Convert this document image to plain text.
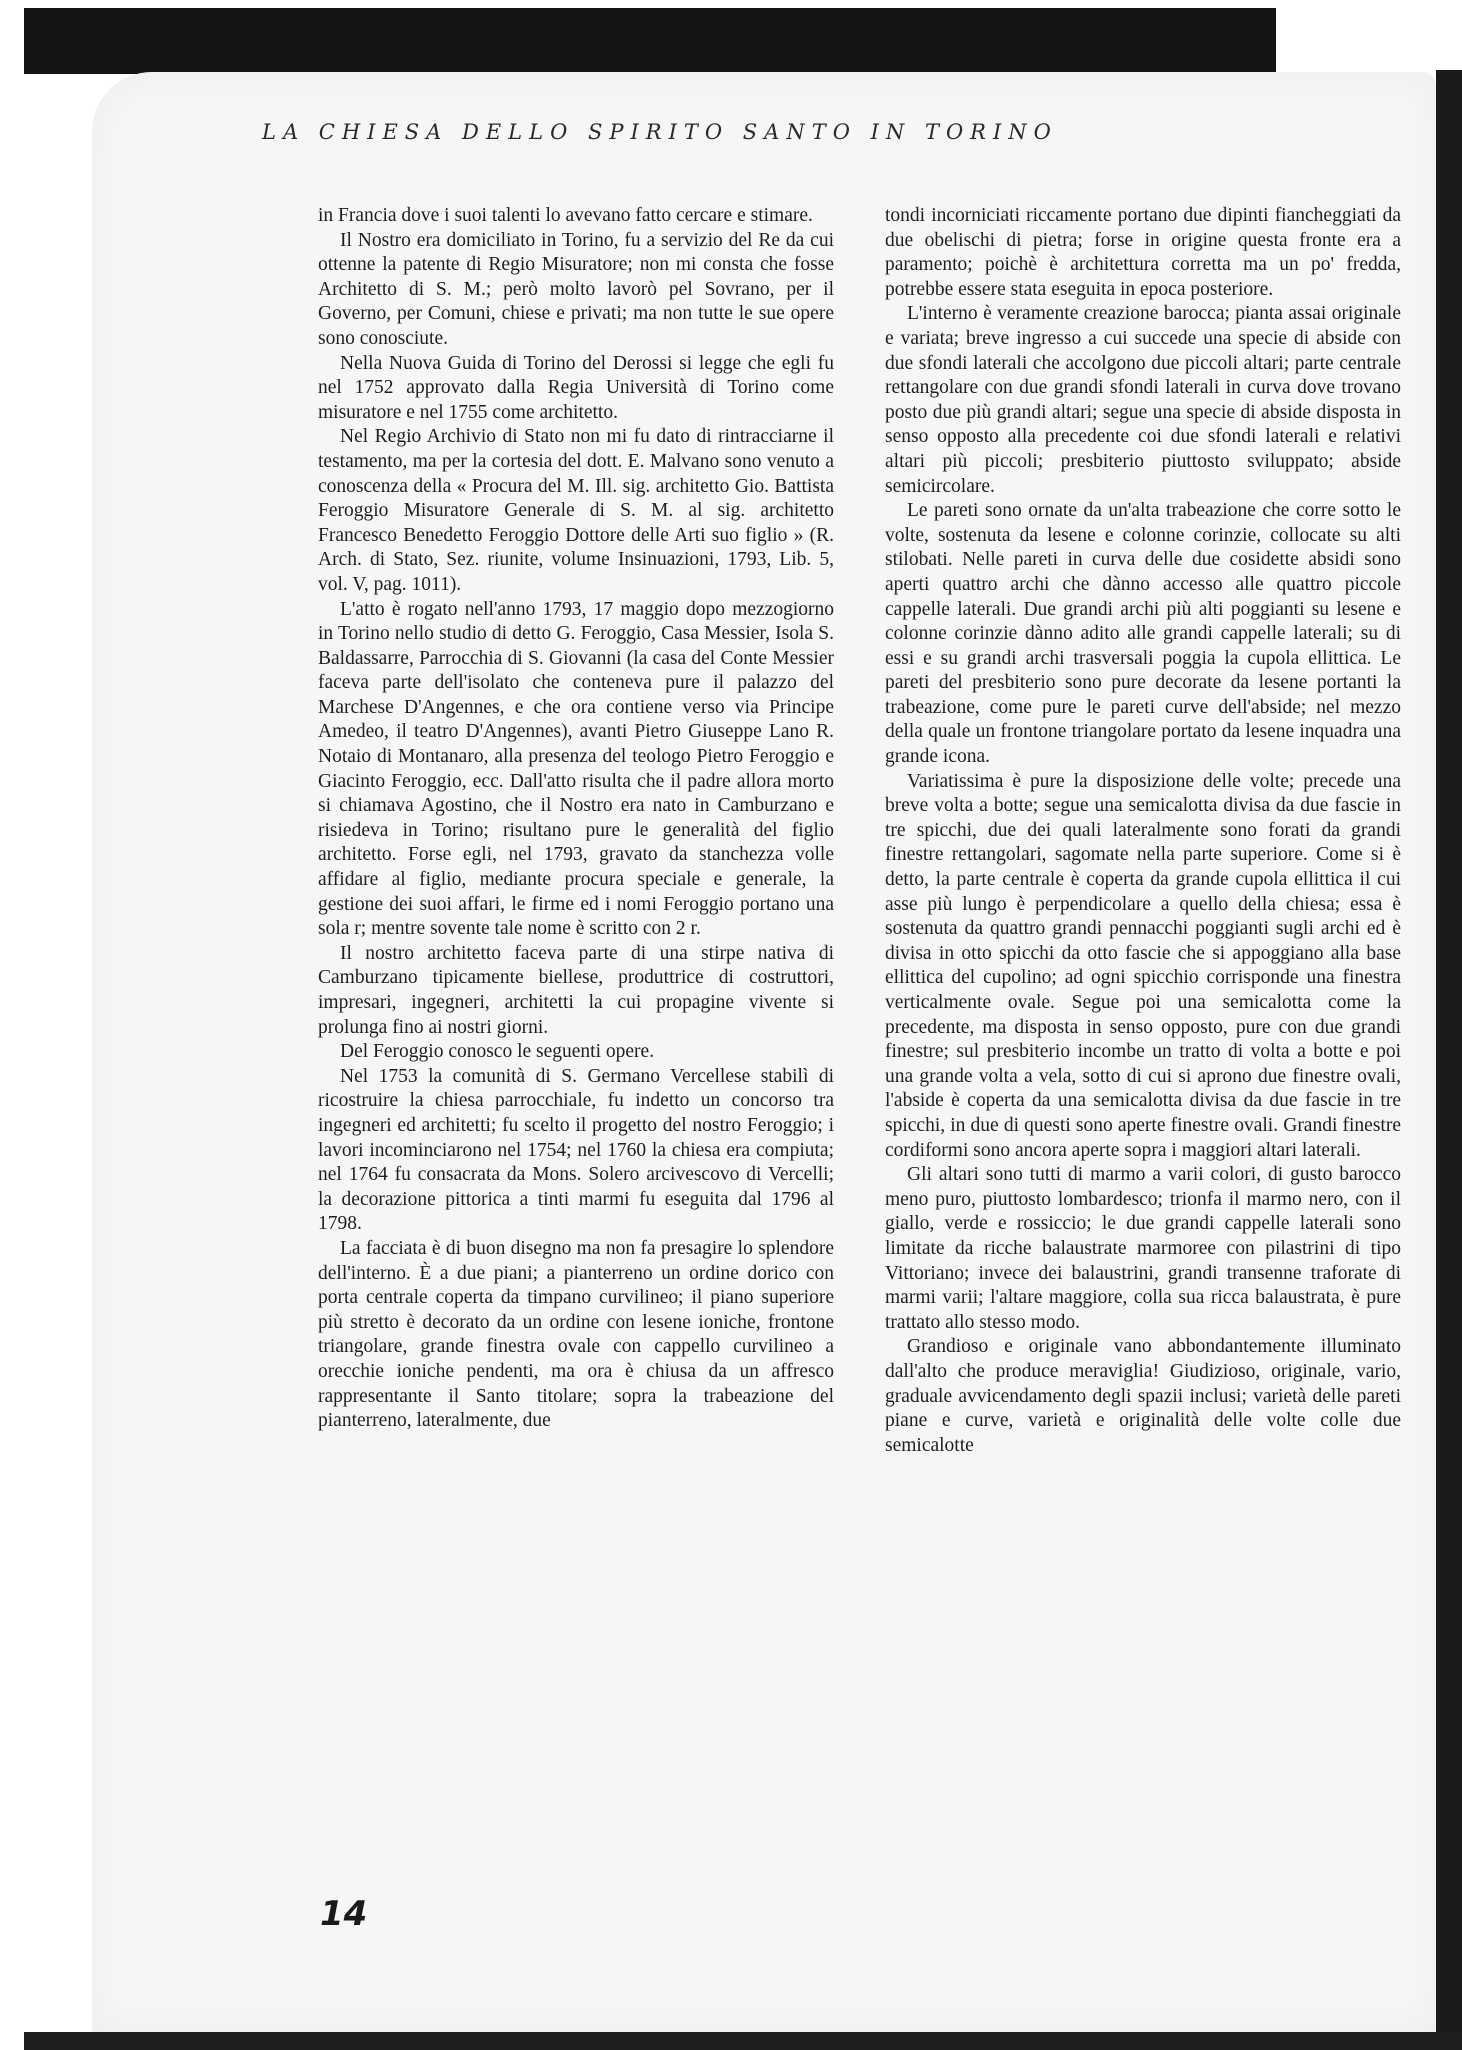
LA CHIESA DELLO SPIRITO SANTO IN TORINO

in Francia dove i suoi talenti lo avevano fatto cercare e stimare.

Il Nostro era domiciliato in Torino, fu a servizio del Re da cui ottenne la patente di Regio Misuratore; non mi consta che fosse Architetto di S. M.; però molto lavorò pel Sovrano, per il Governo, per Comuni, chiese e privati; ma non tutte le sue opere sono conosciute.

Nella Nuova Guida di Torino del Derossi si legge che egli fu nel 1752 approvato dalla Regia Università di Torino come misuratore e nel 1755 come architetto.

Nel Regio Archivio di Stato non mi fu dato di rintracciarne il testamento, ma per la cortesia del dott. E. Malvano sono venuto a conoscenza della « Procura del M. Ill. sig. architetto Gio. Battista Feroggio Misuratore Generale di S. M. al sig. architetto Francesco Benedetto Feroggio Dottore delle Arti suo figlio » (R. Arch. di Stato, Sez. riunite, volume Insinuazioni, 1793, Lib. 5, vol. V, pag. 1011).

L'atto è rogato nell'anno 1793, 17 maggio dopo mezzogiorno in Torino nello studio di detto G. Feroggio, Casa Messier, Isola S. Baldassarre, Parrocchia di S. Giovanni (la casa del Conte Messier faceva parte dell'isolato che conteneva pure il palazzo del Marchese D'Angennes, e che ora contiene verso via Principe Amedeo, il teatro D'Angennes), avanti Pietro Giuseppe Lano R. Notaio di Montanaro, alla presenza del teologo Pietro Feroggio e Giacinto Feroggio, ecc. Dall'atto risulta che il padre allora morto si chiamava Agostino, che il Nostro era nato in Camburzano e risiedeva in Torino; risultano pure le generalità del figlio architetto. Forse egli, nel 1793, gravato da stanchezza volle affidare al figlio, mediante procura speciale e generale, la gestione dei suoi affari, le firme ed i nomi Feroggio portano una sola r; mentre sovente tale nome è scritto con 2 r.

Il nostro architetto faceva parte di una stirpe nativa di Camburzano tipicamente biellese, produttrice di costruttori, impresari, ingegneri, architetti la cui propagine vivente si prolunga fino ai nostri giorni.

Del Feroggio conosco le seguenti opere.

Nel 1753 la comunità di S. Germano Vercellese stabilì di ricostruire la chiesa parrocchiale, fu indetto un concorso tra ingegneri ed architetti; fu scelto il progetto del nostro Feroggio; i lavori incominciarono nel 1754; nel 1760 la chiesa era compiuta; nel 1764 fu consacrata da Mons. Solero arcivescovo di Vercelli; la decorazione pittorica a tinti marmi fu eseguita dal 1796 al 1798.

La facciata è di buon disegno ma non fa presagire lo splendore dell'interno. È a due piani; a pianterreno un ordine dorico con porta centrale coperta da timpano curvilineo; il piano superiore più stretto è decorato da un ordine con lesene ioniche, frontone triangolare, grande finestra ovale con cappello curvilineo a orecchie ioniche pendenti, ma ora è chiusa da un affresco rappresentante il Santo titolare; sopra la trabeazione del pianterreno, lateralmente, due

tondi incorniciati riccamente portano due dipinti fiancheggiati da due obelischi di pietra; forse in origine questa fronte era a paramento; poichè è architettura corretta ma un po' fredda, potrebbe essere stata eseguita in epoca posteriore.

L'interno è veramente creazione barocca; pianta assai originale e variata; breve ingresso a cui succede una specie di abside con due sfondi laterali che accolgono due piccoli altari; parte centrale rettangolare con due grandi sfondi laterali in curva dove trovano posto due più grandi altari; segue una specie di abside disposta in senso opposto alla precedente coi due sfondi laterali e relativi altari più piccoli; presbiterio piuttosto sviluppato; abside semicircolare.

Le pareti sono ornate da un'alta trabeazione che corre sotto le volte, sostenuta da lesene e colonne corinzie, collocate su alti stilobati. Nelle pareti in curva delle due cosidette absidi sono aperti quattro archi che dànno accesso alle quattro piccole cappelle laterali. Due grandi archi più alti poggianti su lesene e colonne corinzie dànno adito alle grandi cappelle laterali; su di essi e su grandi archi trasversali poggia la cupola ellittica. Le pareti del presbiterio sono pure decorate da lesene portanti la trabeazione, come pure le pareti curve dell'abside; nel mezzo della quale un frontone triangolare portato da lesene inquadra una grande icona.

Variatissima è pure la disposizione delle volte; precede una breve volta a botte; segue una semicalotta divisa da due fascie in tre spicchi, due dei quali lateralmente sono forati da grandi finestre rettangolari, sagomate nella parte superiore. Come si è detto, la parte centrale è coperta da grande cupola ellittica il cui asse più lungo è perpendicolare a quello della chiesa; essa è sostenuta da quattro grandi pennacchi poggianti sugli archi ed è divisa in otto spicchi da otto fascie che si appoggiano alla base ellittica del cupolino; ad ogni spicchio corrisponde una finestra verticalmente ovale. Segue poi una semicalotta come la precedente, ma disposta in senso opposto, pure con due grandi finestre; sul presbiterio incombe un tratto di volta a botte e poi una grande volta a vela, sotto di cui si aprono due finestre ovali, l'abside è coperta da una semicalotta divisa da due fascie in tre spicchi, in due di questi sono aperte finestre ovali. Grandi finestre cordiformi sono ancora aperte sopra i maggiori altari laterali.

Gli altari sono tutti di marmo a varii colori, di gusto barocco meno puro, piuttosto lombardesco; trionfa il marmo nero, con il giallo, verde e rossiccio; le due grandi cappelle laterali sono limitate da ricche balaustrate marmoree con pilastrini di tipo Vittoriano; invece dei balaustrini, grandi transenne traforate di marmi varii; l'altare maggiore, colla sua ricca balaustrata, è pure trattato allo stesso modo.

Grandioso e originale vano abbondantemente illuminato dall'alto che produce meraviglia! Giudizioso, originale, vario, graduale avvicendamento degli spazii inclusi; varietà delle pareti piane e curve, varietà e originalità delle volte colle due semicalotte

14
